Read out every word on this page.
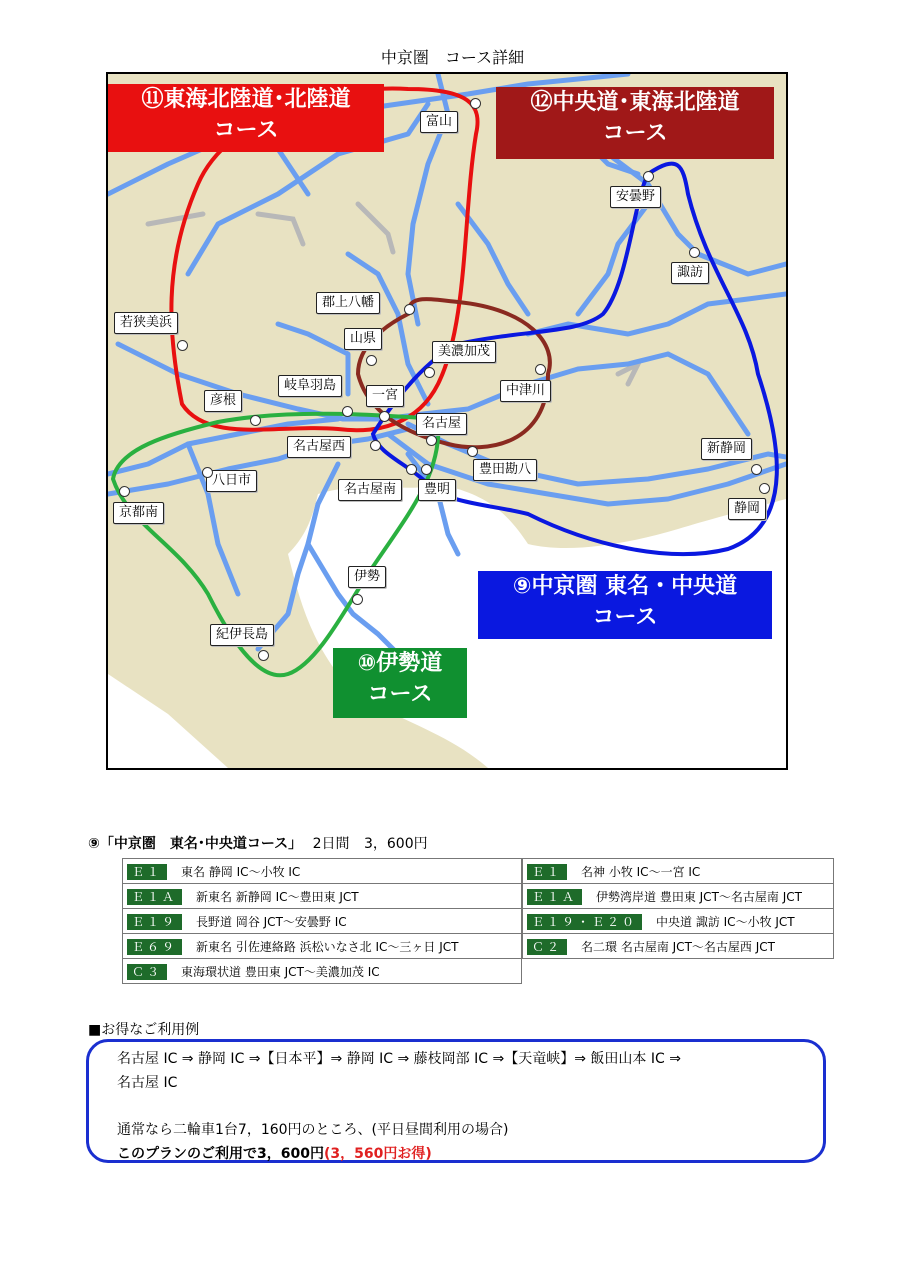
中京圏　コース詳細
⑪東海北陸道･北陸道
コース
⑫中央道･東海北陸道
コース
⑨中京圏 東名・中央道
コース
⑩伊勢道
コース
富山
安曇野
諏訪
郡上八幡
若狭美浜
山県
美濃加茂
岐阜羽島
一宮	中津川
彦根
名古屋
名古屋西
豊田勘八
新静岡
八日市
名古屋南	豊明
静岡
京都南
伊勢
紀伊長島
⑨「中京圏　東名･中央道コース」 2日間 3，600円
Ｅ１ 東名 静岡 IC～小牧 IC
Ｅ１Ａ 新東名 新静岡 IC～豊田東 JCT
Ｅ１９ 長野道 岡谷 JCT～安曇野 IC
Ｅ６９ 新東名 引佐連絡路 浜松いなさ北 IC～三ヶ日 JCT
Ｃ３ 東海環状道 豊田東 JCT～美濃加茂 IC
Ｅ１ 名神 小牧 IC～一宮 IC
Ｅ１Ａ 伊勢湾岸道 豊田東 JCT～名古屋南 JCT
Ｅ１９・Ｅ２０ 中央道 諏訪 IC～小牧 JCT
Ｃ２ 名二環 名古屋南 JCT～名古屋西 JCT
■お得なご利用例
名古屋 IC ⇒ 静岡 IC ⇒【日本平】⇒ 静岡 IC ⇒ 藤枝岡部 IC ⇒【天竜峡】⇒ 飯田山本 IC ⇒
名古屋 IC
通常なら二輪車1台7，160円のところ、(平日昼間利用の場合)
このプランのご利用で3，600円(3，560円お得)
